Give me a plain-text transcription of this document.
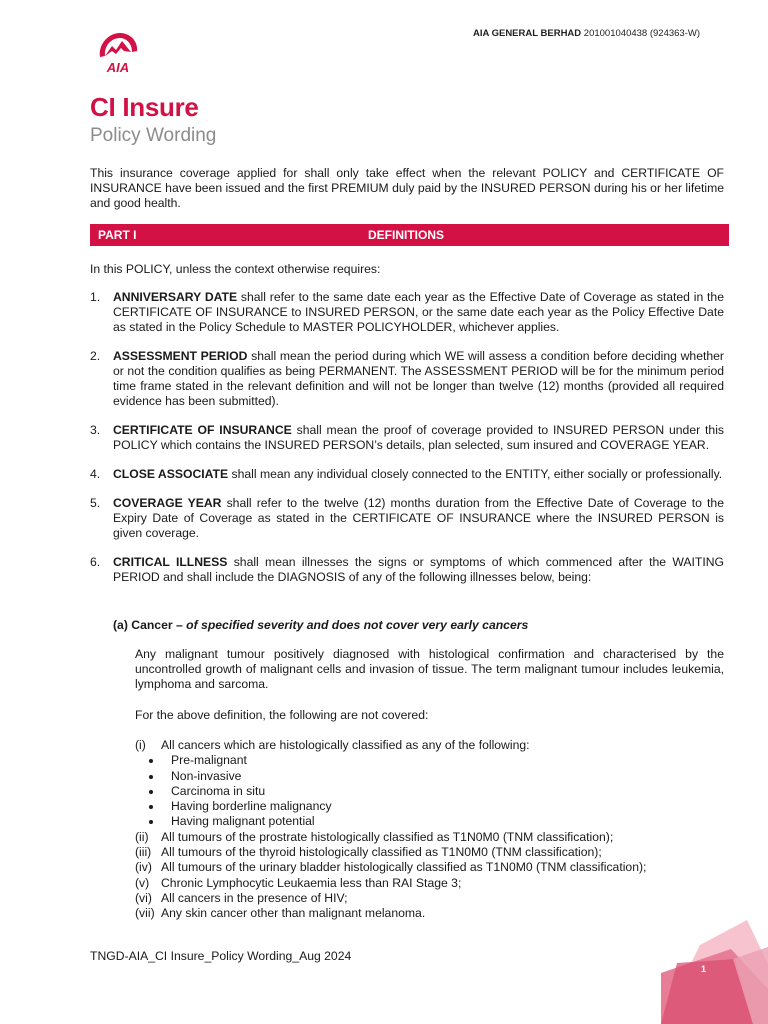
AIA GENERAL BERHAD 201001040438 (924363-W)
AIA
CI Insure
Policy Wording
This insurance coverage applied for shall only take effect when the relevant POLICY and CERTIFICATE OF INSURANCE have been issued and the first PREMIUM duly paid by the INSURED PERSON during his or her lifetime and good health.
PART I	DEFINITIONS
In this POLICY, unless the context otherwise requires:
1. ANNIVERSARY DATE shall refer to the same date each year as the Effective Date of Coverage as stated in the CERTIFICATE OF INSURANCE to INSURED PERSON, or the same date each year as the Policy Effective Date as stated in the Policy Schedule to MASTER POLICYHOLDER, whichever applies.
2. ASSESSMENT PERIOD shall mean the period during which WE will assess a condition before deciding whether or not the condition qualifies as being PERMANENT. The ASSESSMENT PERIOD will be for the minimum period time frame stated in the relevant definition and will not be longer than twelve (12) months (provided all required evidence has been submitted).
3. CERTIFICATE OF INSURANCE shall mean the proof of coverage provided to INSURED PERSON under this POLICY which contains the INSURED PERSON’s details, plan selected, sum insured and COVERAGE YEAR.
4. CLOSE ASSOCIATE shall mean any individual closely connected to the ENTITY, either socially or professionally.
5. COVERAGE YEAR shall refer to the twelve (12) months duration from the Effective Date of Coverage to the Expiry Date of Coverage as stated in the CERTIFICATE OF INSURANCE where the INSURED PERSON is given coverage.
6. CRITICAL ILLNESS shall mean illnesses the signs or symptoms of which commenced after the WAITING PERIOD and shall include the DIAGNOSIS of any of the following illnesses below, being:
(a) Cancer – of specified severity and does not cover very early cancers
Any malignant tumour positively diagnosed with histological confirmation and characterised by the uncontrolled growth of malignant cells and invasion of tissue. The term malignant tumour includes leukemia, lymphoma and sarcoma.
For the above definition, the following are not covered:
(i) All cancers which are histologically classified as any of the following:
Pre-malignant
Non-invasive
Carcinoma in situ
Having borderline malignancy
Having malignant potential
(ii) All tumours of the prostrate histologically classified as T1N0M0 (TNM classification);
(iii) All tumours of the thyroid histologically classified as T1N0M0 (TNM classification);
(iv) All tumours of the urinary bladder histologically classified as T1N0M0 (TNM classification);
(v) Chronic Lymphocytic Leukaemia less than RAI Stage 3;
(vi) All cancers in the presence of HIV;
(vii) Any skin cancer other than malignant melanoma.
TNGD-AIA_CI Insure_Policy Wording_Aug 2024
1
